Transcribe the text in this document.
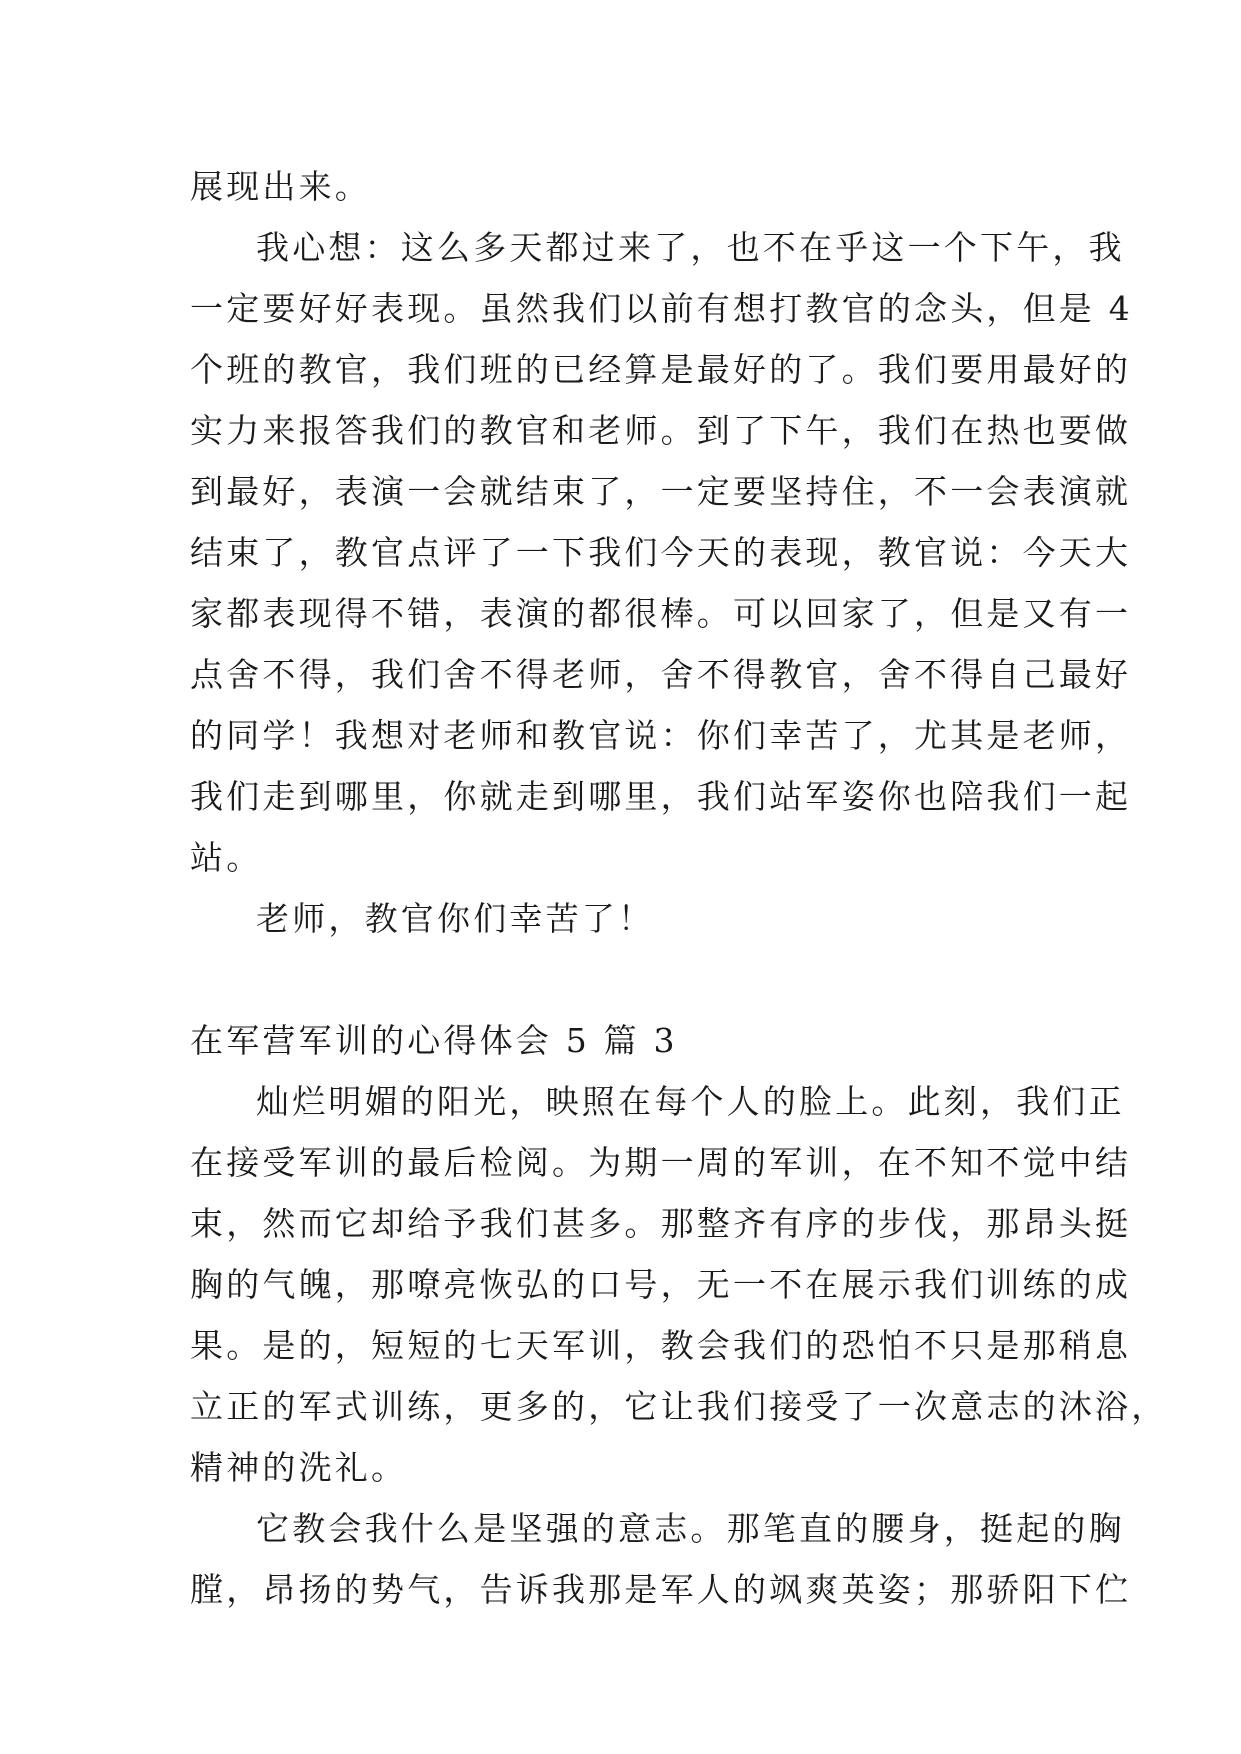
展现出来。
我心想：这么多天都过来了，也不在乎这一个下午，我
一定要好好表现。虽然我们以前有想打教官的念头，但是 4
个班的教官，我们班的已经算是最好的了。我们要用最好的
实力来报答我们的教官和老师。到了下午，我们在热也要做
到最好，表演一会就结束了，一定要坚持住，不一会表演就
结束了，教官点评了一下我们今天的表现，教官说：今天大
家都表现得不错，表演的都很棒。可以回家了，但是又有一
点舍不得，我们舍不得老师，舍不得教官，舍不得自己最好
的同学！我想对老师和教官说：你们幸苦了，尤其是老师，
我们走到哪里，你就走到哪里，我们站军姿你也陪我们一起
站。
老师，教官你们幸苦了！
在军营军训的心得体会 5 篇 3
灿烂明媚的阳光，映照在每个人的脸上。此刻，我们正
在接受军训的最后检阅。为期一周的军训，在不知不觉中结
束，然而它却给予我们甚多。那整齐有序的步伐，那昂头挺
胸的气魄，那嘹亮恢弘的口号，无一不在展示我们训练的成
果。是的，短短的七天军训，教会我们的恐怕不只是那稍息
立正的军式训练，更多的，它让我们接受了一次意志的沐浴，
精神的洗礼。
它教会我什么是坚强的意志。那笔直的腰身，挺起的胸
膛，昂扬的势气，告诉我那是军人的飒爽英姿；那骄阳下伫
